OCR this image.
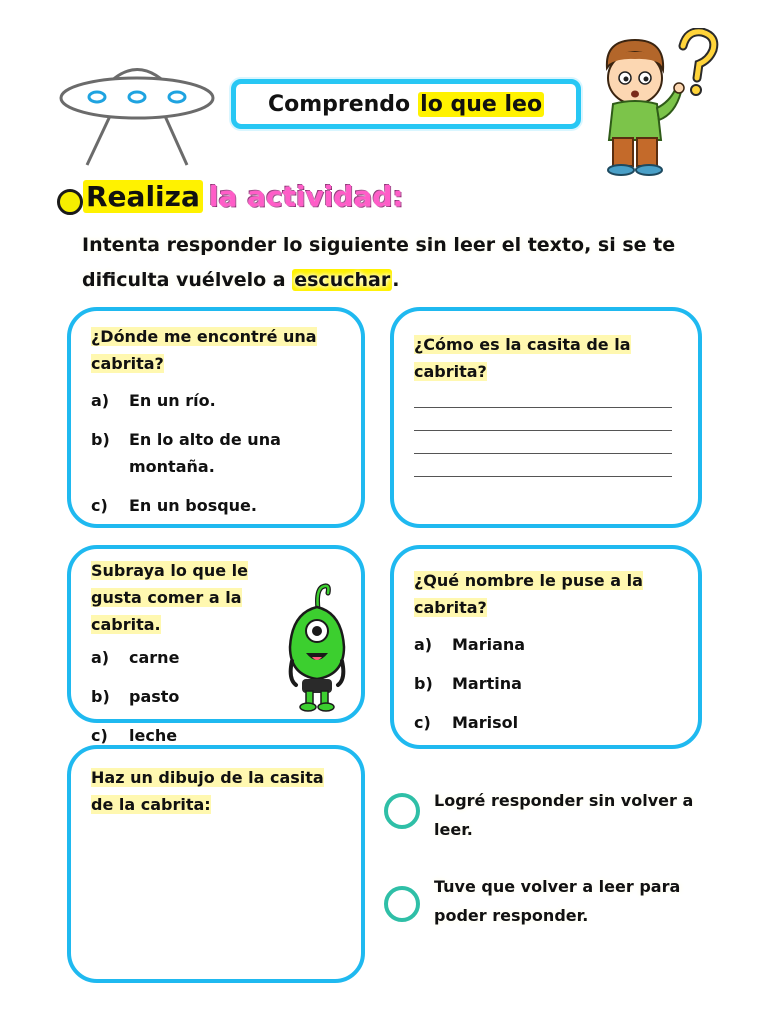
Comprendo lo que leo
Realiza la actividad:
Intenta responder lo siguiente sin leer el texto, si se te dificulta vuélvelo a escuchar .
¿Dónde me encontré una cabrita?
a)	En un río.
b)	En lo alto de una montaña.
c)	En un bosque.
¿Cómo es la casita de la cabrita?
Subraya lo que le gusta comer a la cabrita.
a)	carne
b)	pasto
c)	leche
¿Qué nombre le puse a la cabrita?
a)	Mariana
b)	Martina
c)	Marisol
Haz un dibujo de la casita de la cabrita:	Logré responder sin volver a leer.
Tuve que volver a leer para poder responder.
